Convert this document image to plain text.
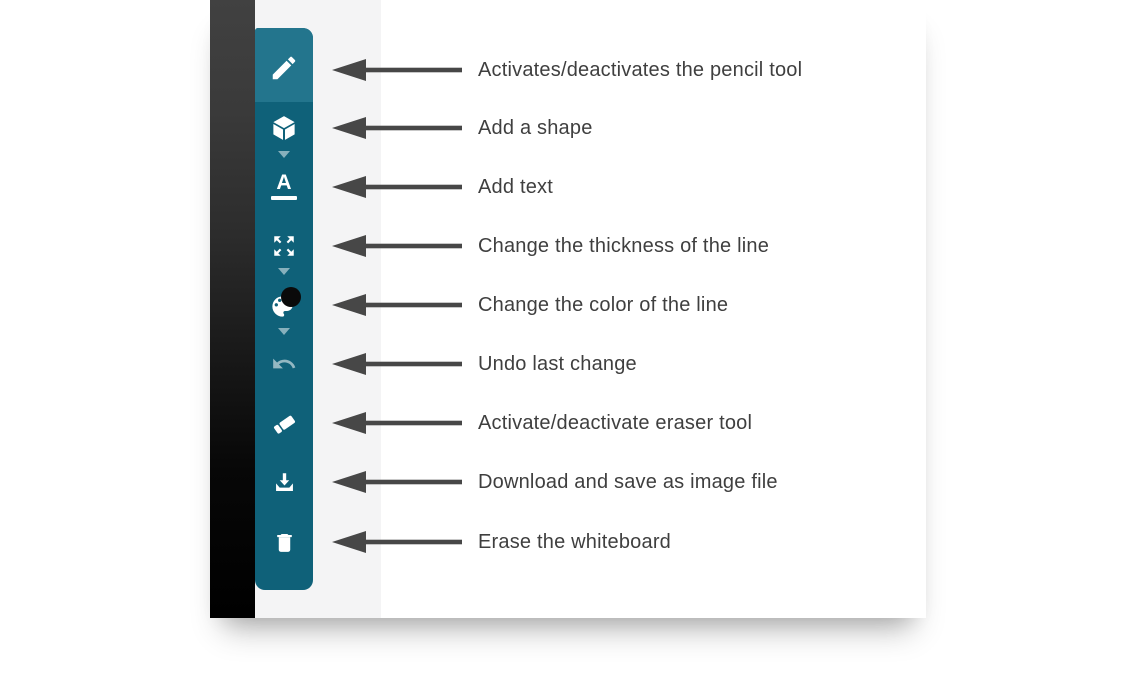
A
Activates/deactivates the pencil tool
Add a shape
Add text
Change the thickness of the line
Change the color of the line
Undo last change
Activate/deactivate eraser tool
Download and save as image file
Erase the whiteboard
